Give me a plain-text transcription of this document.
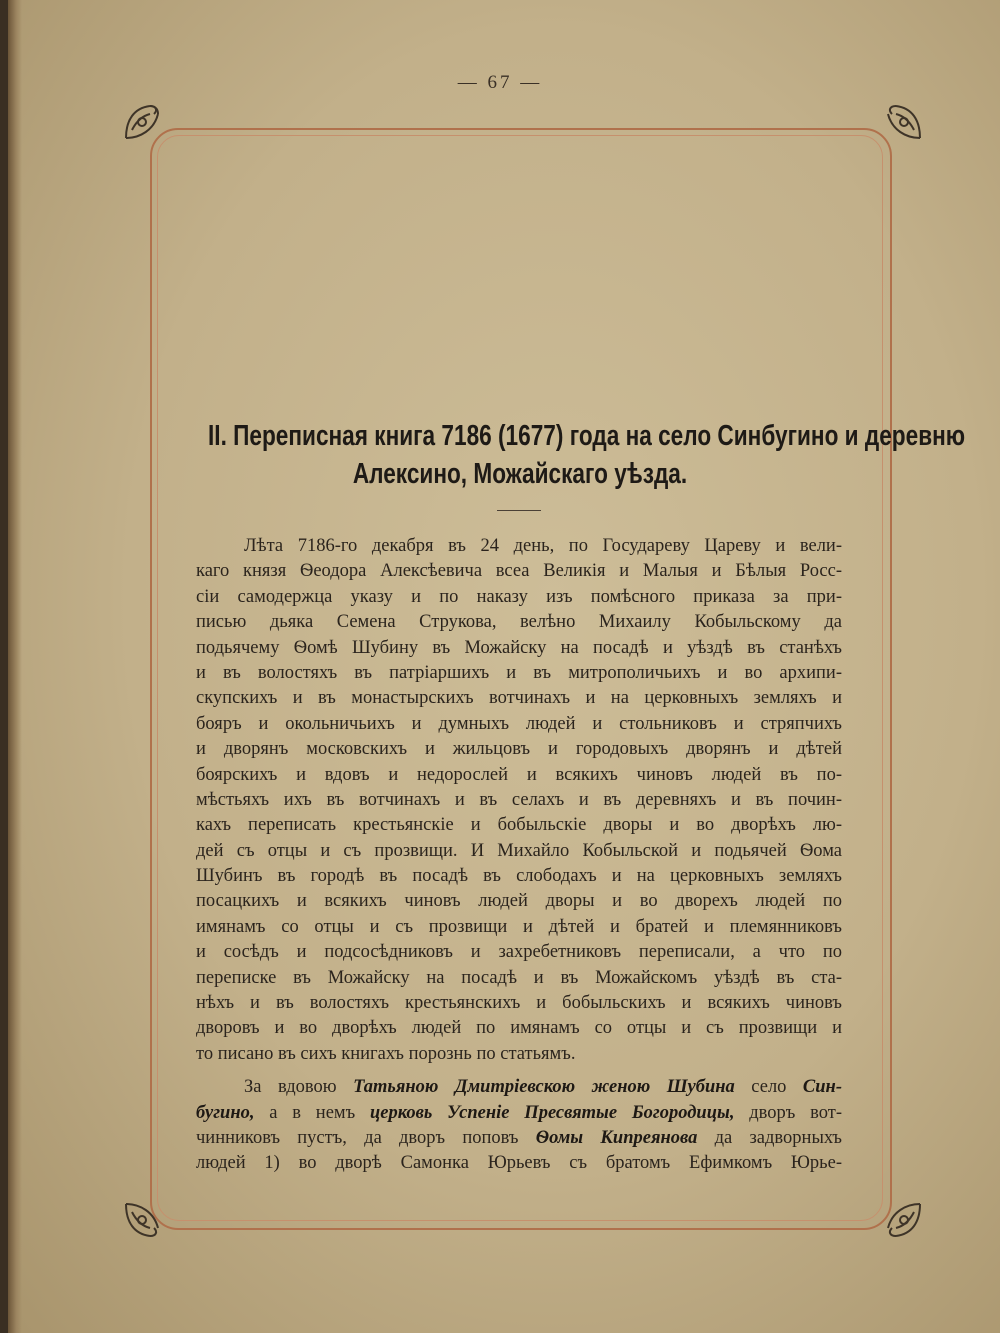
— 67 —
II. Переписная книга 7186 (1677) года на село Синбугино и деревню
Алексино, Можайскаго уѣзда.
Лѣта 7186-го декабря въ 24 день, по Государеву Цареву и вели-
каго князя Ѳеодора Алексѣевича всеа Великія и Малыя и Бѣлыя Росс-
сіи самодержца указу и по наказу изъ помѣсного приказа за при-
писью дьяка Семена Струкова, велѣно Михаилу Кобыльскому да
подьячему Ѳомѣ Шубину въ Можайску на посадѣ и уѣздѣ въ станѣхъ
и въ волостяхъ въ патріаршихъ и въ митрополичьихъ и во архипи-
скупскихъ и въ монастырскихъ вотчинахъ и на церковныхъ земляхъ и
бояръ и окольничьихъ и думныхъ людей и стольниковъ и стряпчихъ
и дворянъ московскихъ и жильцовъ и городовыхъ дворянъ и дѣтей
боярскихъ и вдовъ и недорослей и всякихъ чиновъ людей въ по-
мѣстьяхъ ихъ въ вотчинахъ и въ селахъ и въ деревняхъ и въ почин-
кахъ переписать крестьянскіе и бобыльскіе дворы и во дворѣхъ лю-
дей съ отцы и съ прозвищи. И Михайло Кобыльской и подьячей Ѳома
Шубинъ въ городѣ въ посадѣ въ слободахъ и на церковныхъ земляхъ
посацкихъ и всякихъ чиновъ людей дворы и во дворехъ людей по
имянамъ со отцы и съ прозвищи и дѣтей и братей и племянниковъ
и сосѣдъ и подсосѣдниковъ и захребетниковъ переписали, а что по
переписке въ Можайску на посадѣ и въ Можайскомъ уѣздѣ въ ста-
нѣхъ и въ волостяхъ крестьянскихъ и бобыльскихъ и всякихъ чиновъ
дворовъ и во дворѣхъ людей по имянамъ со отцы и съ прозвищи и
то писано въ сихъ книгахъ порознь по статьямъ.
За вдовою Татьяною Дмитріевскою женою Шубина село Син-
бугино, а в немъ церковь Успеніе Пресвятые Богородицы, дворъ вот-
чинниковъ пустъ, да дворъ поповъ Ѳомы Кипреянова да задворныхъ
людей 1) во дворѣ Самонка Юрьевъ съ братомъ Ефимкомъ Юрье-
